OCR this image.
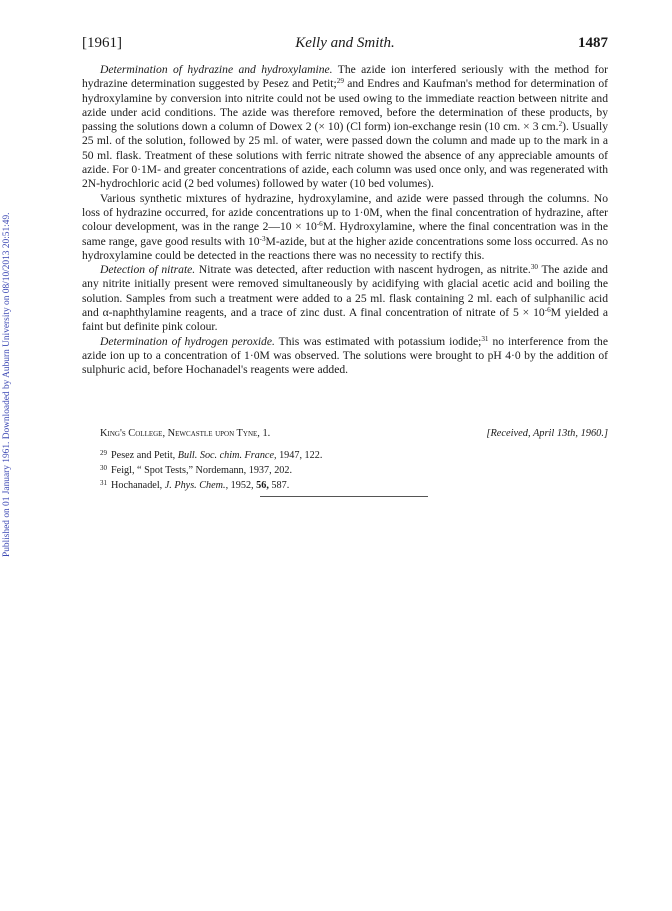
Published on 01 January 1961. Downloaded by Auburn University on 08/10/2013 20:51:49.
[1961]	Kelly and Smith.	1487

Determination of hydrazine and hydroxylamine. The azide ion interfered seriously with the method for hydrazine determination suggested by Pesez and Petit;$^{29}$ and Endres and Kaufman's method for determination of hydroxylamine by conversion into nitrite could not be used owing to the immediate reaction between nitrite and azide under acid conditions. The azide was therefore removed, before the determination of these products, by passing the solutions down a column of Dowex 2 (× 10) (Cl form) ion-exchange resin (10 cm. × 3 cm.$^2$). Usually 25 ml. of the solution, followed by 25 ml. of water, were passed down the column and made up to the mark in a 50 ml. flask. Treatment of these solutions with ferric nitrate showed the absence of any appreciable amounts of azide. For 0·1M- and greater concentrations of azide, each column was used once only, and was regenerated with 2N-hydrochloric acid (2 bed volumes) followed by water (10 bed volumes).

Various synthetic mixtures of hydrazine, hydroxylamine, and azide were passed through the columns. No loss of hydrazine occurred, for azide concentrations up to 1·0M, when the final concentration of hydrazine, after colour development, was in the range 2—10 × $10^{-6}M$. Hydroxylamine, where the final concentration was in the same range, gave good results with $10^{-3}M$-azide, but at the higher azide concentrations some loss occurred. As no hydroxylamine could be detected in the reactions there was no necessity to rectify this.

Detection of nitrate. Nitrate was detected, after reduction with nascent hydrogen, as nitrite.$^{30}$ The azide and any nitrite initially present were removed simultaneously by acidifying with glacial acetic acid and boiling the solution. Samples from such a treatment were added to a 25 ml. flask containing 2 ml. each of sulphanilic acid and α-naphthylamine reagents, and a trace of zinc dust. A final concentration of nitrate of $5 \times 10^{-6}M$ yielded a faint but definite pink colour.

Determination of hydrogen peroxide. This was estimated with potassium iodide;$^{31}$ no interference from the azide ion up to a concentration of 1·0M was observed. The solutions were brought to pH 4·0 by the addition of sulphuric acid, before Hochanadel's reagents were added.

King's College, Newcastle upon Tyne, 1.	[Received, April 13th, 1960.]
$^{29}$ Pesez and Petit, Bull. Soc. chim. France, 1947, 122.
$^{30}$ Feigl, “ Spot Tests,” Nordemann, 1937, 202.
$^{31}$ Hochanadel, J. Phys. Chem., 1952, 56, 587.
